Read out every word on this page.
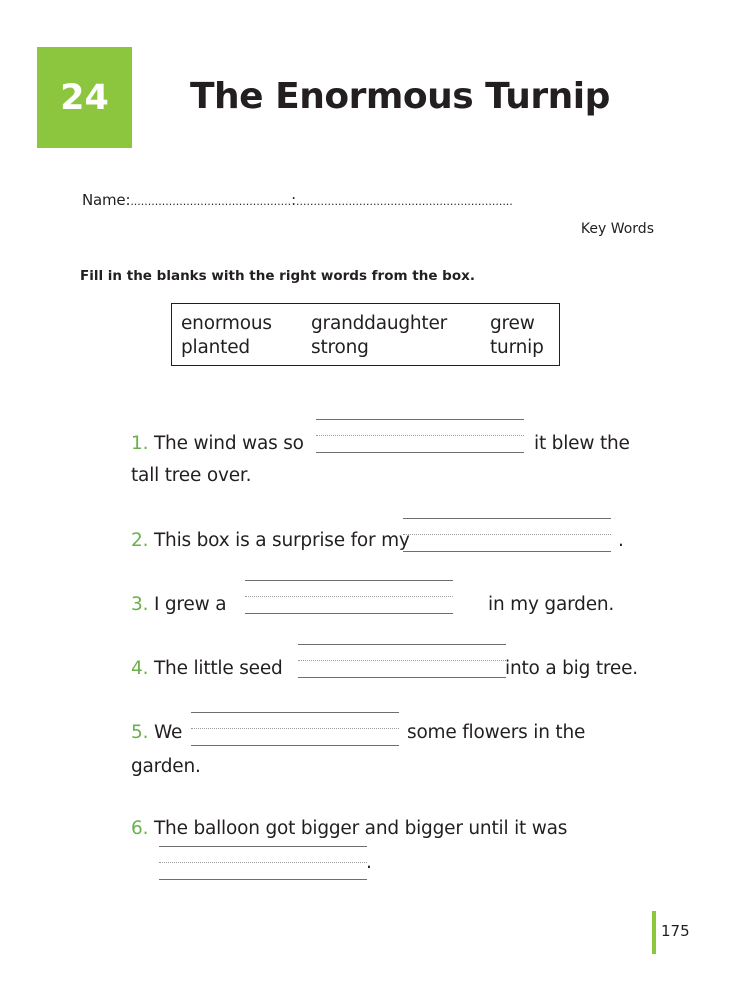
24 The Enormous Turnip
Name:..............................................:..............................................................
Key Words
Fill in the blanks with the right words from the box.
enormous granddaughter grew
planted	strong	turnip
1. The wind was so	it blew the
tall tree over.
2. This box is a surprise for my	.
3. I grew a	in my garden.
4. The little seed	into a big tree.
5. We	some flowers in the
garden.
6. The balloon got bigger and bigger until it was
.
175
